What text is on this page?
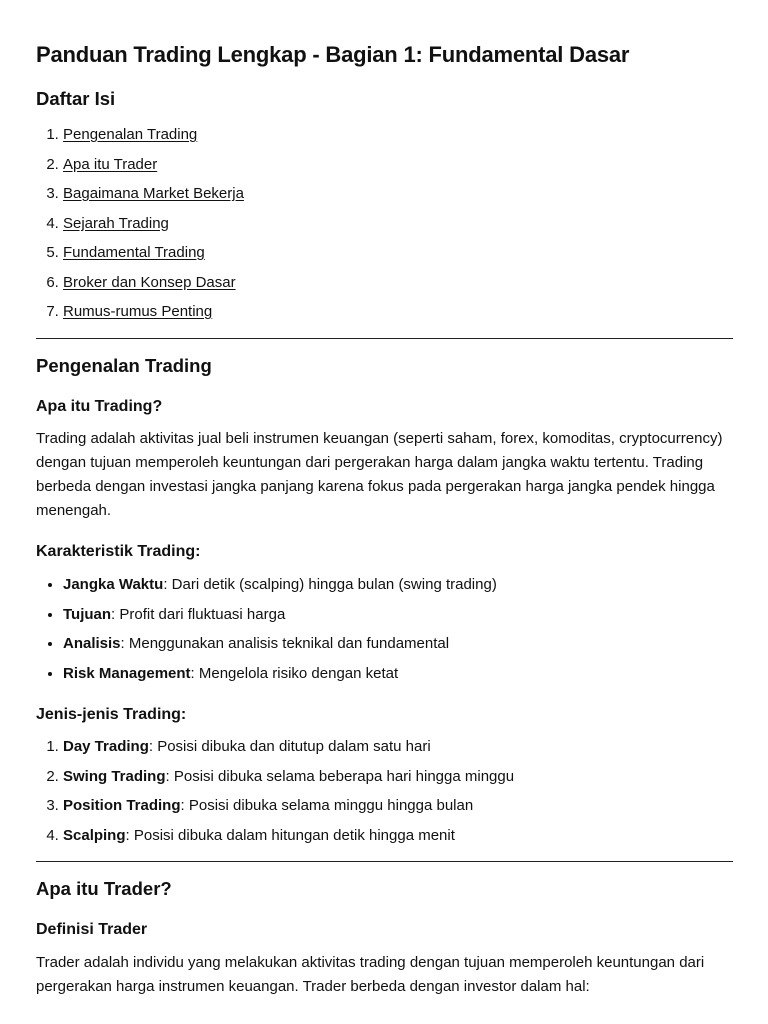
Panduan Trading Lengkap - Bagian 1: Fundamental Dasar
Daftar Isi
1. Pengenalan Trading
2. Apa itu Trader
3. Bagaimana Market Bekerja
4. Sejarah Trading
5. Fundamental Trading
6. Broker dan Konsep Dasar
7. Rumus-rumus Penting
Pengenalan Trading
Apa itu Trading?

Trading adalah aktivitas jual beli instrumen keuangan (seperti saham, forex, komoditas, cryptocurrency) dengan tujuan memperoleh keuntungan dari pergerakan harga dalam jangka waktu tertentu. Trading berbeda dengan investasi jangka panjang karena fokus pada pergerakan harga jangka pendek hingga menengah.

Karakteristik Trading:
• Jangka Waktu: Dari detik (scalping) hingga bulan (swing trading)
• Tujuan: Profit dari fluktuasi harga
• Analisis: Menggunakan analisis teknikal dan fundamental
• Risk Management: Mengelola risiko dengan ketat
Jenis-jenis Trading:
1. Day Trading: Posisi dibuka dan ditutup dalam satu hari
2. Swing Trading: Posisi dibuka selama beberapa hari hingga minggu
3. Position Trading: Posisi dibuka selama minggu hingga bulan
4. Scalping: Posisi dibuka dalam hitungan detik hingga menit
Apa itu Trader?
Definisi Trader

Trader adalah individu yang melakukan aktivitas trading dengan tujuan memperoleh keuntungan dari pergerakan harga instrumen keuangan. Trader berbeda dengan investor dalam hal:
